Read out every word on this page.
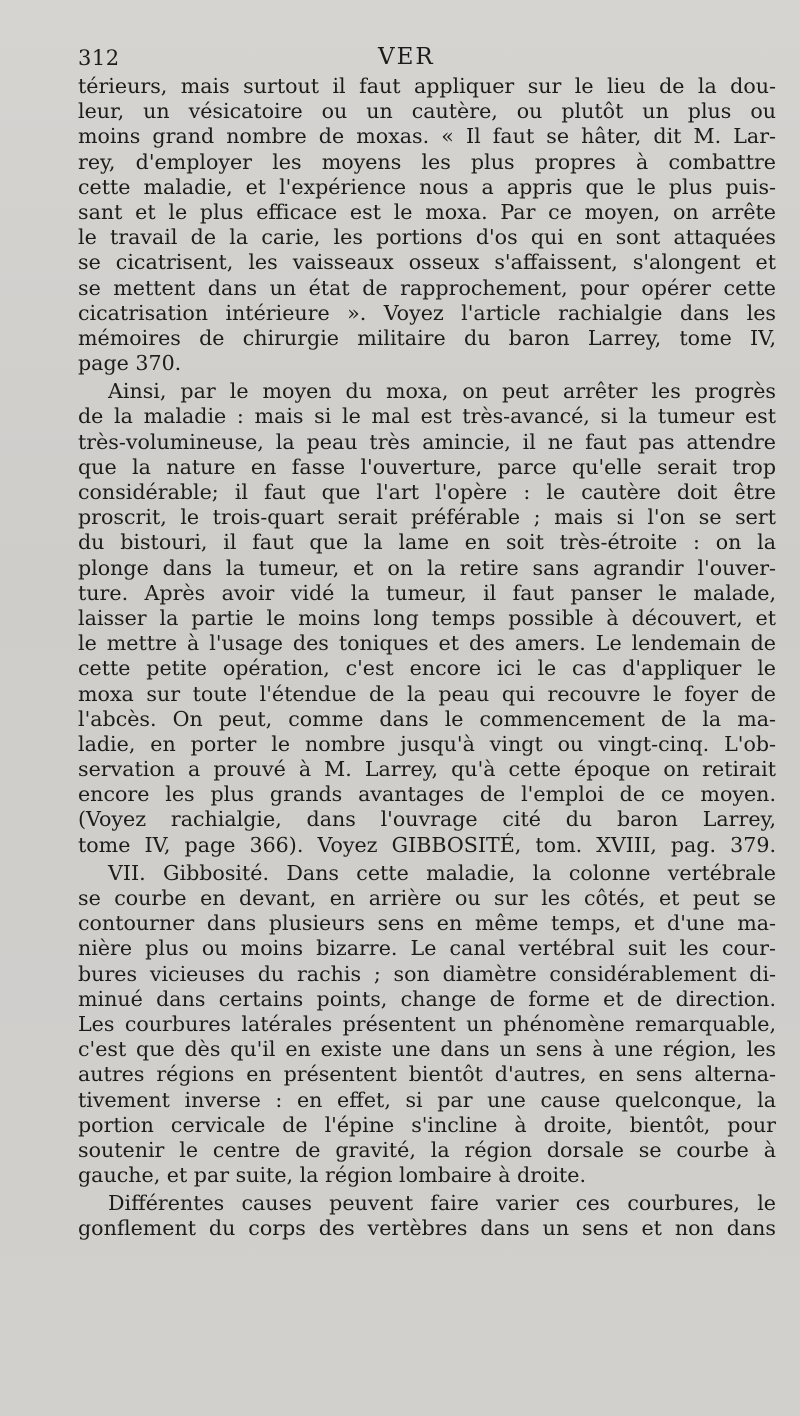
312	VER

térieurs, mais surtout il faut appliquer sur le lieu de la dou-
leur, un vésicatoire ou un cautère, ou plutôt un plus ou
moins grand nombre de moxas. « Il faut se hâter, dit M. Lar-
rey, d'employer les moyens les plus propres à combattre
cette maladie, et l'expérience nous a appris que le plus puis-
sant et le plus efficace est le moxa. Par ce moyen, on arrête
le travail de la carie, les portions d'os qui en sont attaquées
se cicatrisent, les vaisseaux osseux s'affaissent, s'alongent et
se mettent dans un état de rapprochement, pour opérer cette
cicatrisation intérieure ». Voyez l'article rachialgie dans les
mémoires de chirurgie militaire du baron Larrey, tome IV,
page 370.

Ainsi, par le moyen du moxa, on peut arrêter les progrès
de la maladie : mais si le mal est très-avancé, si la tumeur est
très-volumineuse, la peau très amincie, il ne faut pas attendre
que la nature en fasse l'ouverture, parce qu'elle serait trop
considérable; il faut que l'art l'opère : le cautère doit être
proscrit, le trois-quart serait préférable ; mais si l'on se sert
du bistouri, il faut que la lame en soit très-étroite : on la
plonge dans la tumeur, et on la retire sans agrandir l'ouver-
ture. Après avoir vidé la tumeur, il faut panser le malade,
laisser la partie le moins long temps possible à découvert, et
le mettre à l'usage des toniques et des amers. Le lendemain de
cette petite opération, c'est encore ici le cas d'appliquer le
moxa sur toute l'étendue de la peau qui recouvre le foyer de
l'abcès. On peut, comme dans le commencement de la ma-
ladie, en porter le nombre jusqu'à vingt ou vingt-cinq. L'ob-
servation a prouvé à M. Larrey, qu'à cette époque on retirait
encore les plus grands avantages de l'emploi de ce moyen.
(Voyez rachialgie, dans l'ouvrage cité du baron Larrey,
tome IV, page 366). Voyez GIBBOSITÉ, tom. XVIII, pag. 379.

VII. Gibbosité. Dans cette maladie, la colonne vertébrale
se courbe en devant, en arrière ou sur les côtés, et peut se
contourner dans plusieurs sens en même temps, et d'une ma-
nière plus ou moins bizarre. Le canal vertébral suit les cour-
bures vicieuses du rachis ; son diamètre considérablement di-
minué dans certains points, change de forme et de direction.
Les courbures latérales présentent un phénomène remarquable,
c'est que dès qu'il en existe une dans un sens à une région, les
autres régions en présentent bientôt d'autres, en sens alterna-
tivement inverse : en effet, si par une cause quelconque, la
portion cervicale de l'épine s'incline à droite, bientôt, pour
soutenir le centre de gravité, la région dorsale se courbe à
gauche, et par suite, la région lombaire à droite.

Différentes causes peuvent faire varier ces courbures, le
gonflement du corps des vertèbres dans un sens et non dans
